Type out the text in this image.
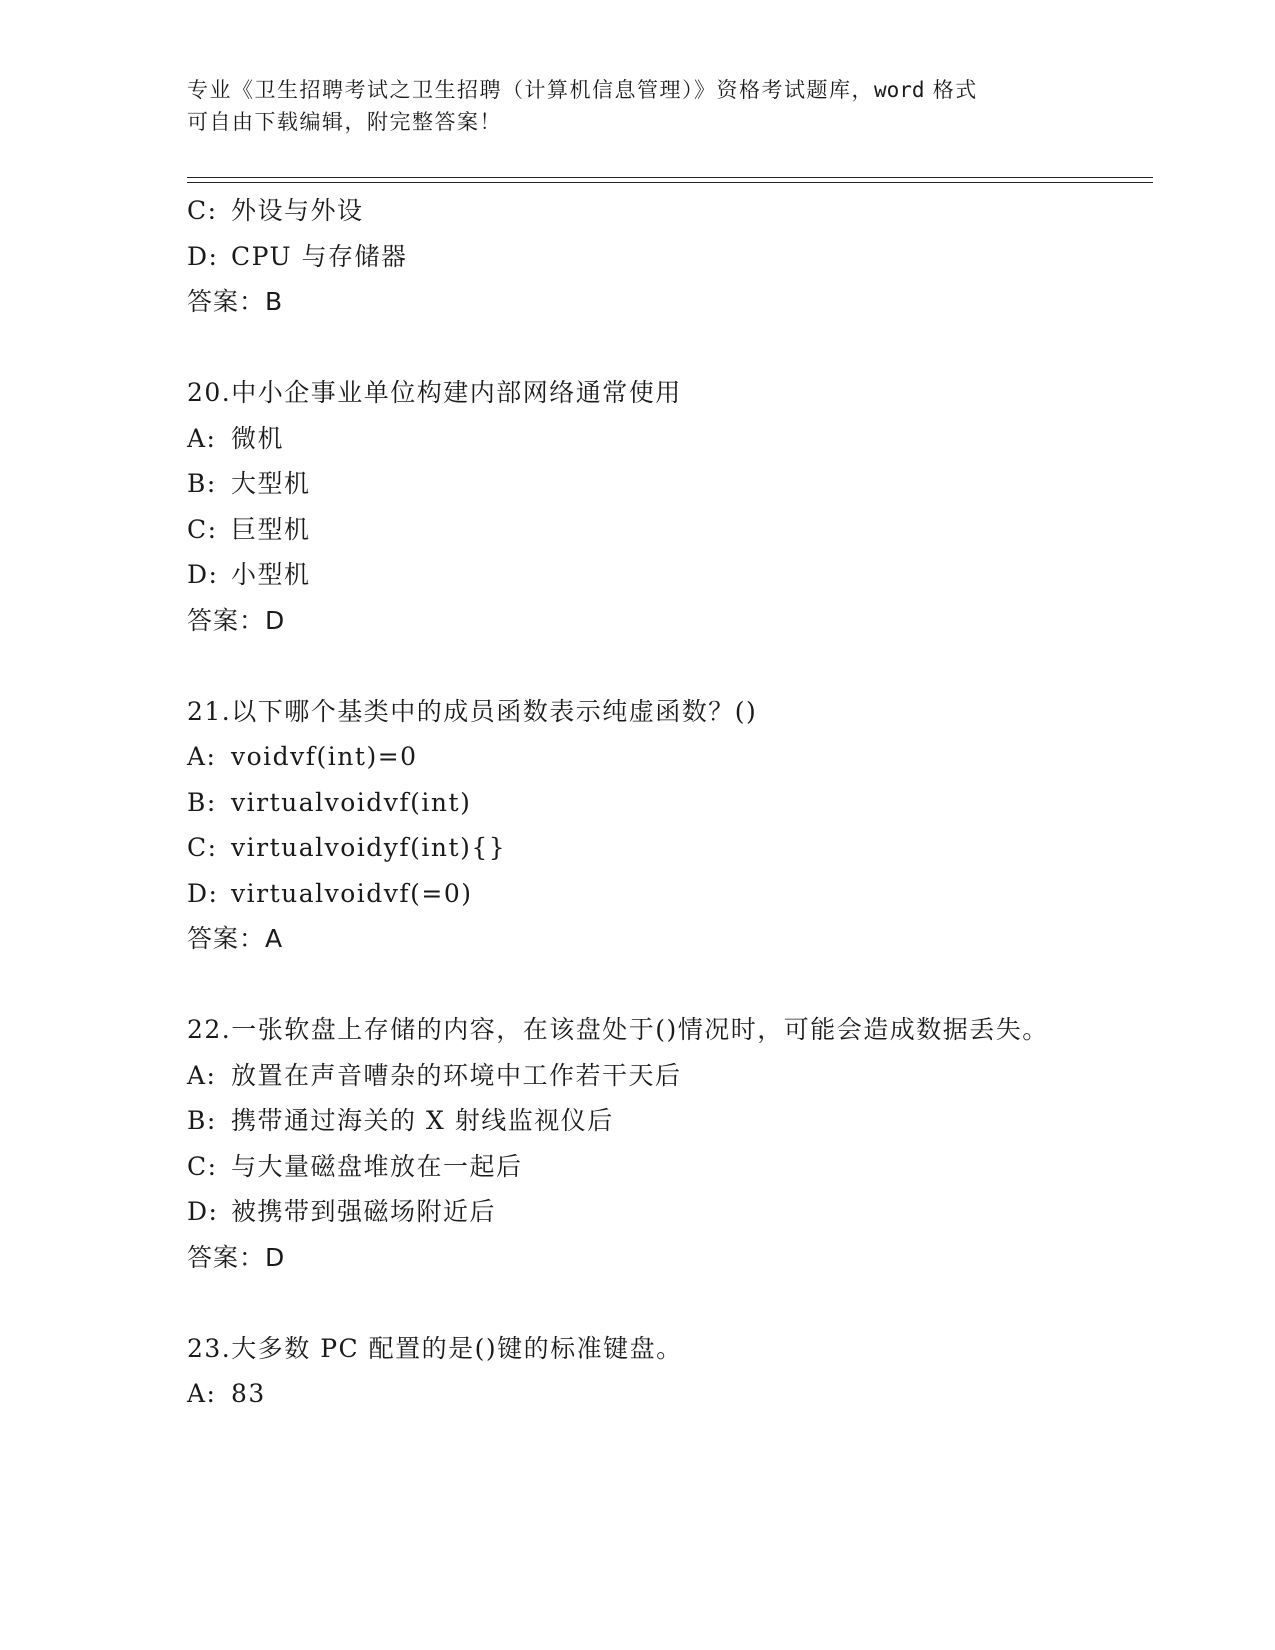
专业《卫生招聘考试之卫生招聘（计算机信息管理）》资格考试题库，word 格式
可自由下载编辑，附完整答案！
C: 外设与外设
D: CPU 与存储器
答案：B
20.中小企事业单位构建内部网络通常使用
A: 微机
B: 大型机
C: 巨型机
D: 小型机
答案：D
21.以下哪个基类中的成员函数表示纯虚函数？()
A: voidvf(int)=0
B: virtualvoidvf(int)
C: virtualvoidyf(int){}
D: virtualvoidvf(=0)
答案：A
22.一张软盘上存储的内容，在该盘处于()情况时，可能会造成数据丢失。
A: 放置在声音嘈杂的环境中工作若干天后
B: 携带通过海关的 X 射线监视仪后
C: 与大量磁盘堆放在一起后
D: 被携带到强磁场附近后
答案：D
23.大多数 PC 配置的是()键的标准键盘。
A: 83
